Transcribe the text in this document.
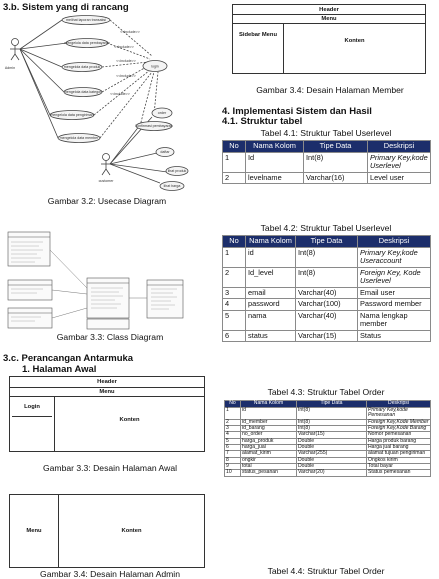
3.b. Sistem yang di rancang
Admin
customer
melihat laporan transaksi
mengelola data pembayaran
mengelola data produk
mengelola data kategori
mengelola data pengiriman
mengelola data member
login
konfirmasi pembayaran
order
daftar
lihat produk
lihat harga
<<include>>
<<include>>
<<include>>
<<include>>
<<include>>
Gambar 3.2: Usecase Diagram
Gambar 3.3: Class Diagram
3.c. Perancangan Antarmuka
1. Halaman Awal
Header
Menu
Login
Konten
Gambar 3.3: Desain Halaman Awal
Menu	Konten
Gambar 3.4: Desain Halaman Admin
Header
Menu
Sidebar Menu
Konten
Gambar 3.4: Desain Halaman Member
4. Implementasi Sistem dan Hasil
4.1. Struktur tabel
Tabel 4.1: Struktur Tabel Userlevel
No	Nama Kolom	Tipe Data	Deskripsi
1	Id	Int(8)	Primary Key,kode Userlevel
2	levelname	Varchar(16)	Level user
Tabel 4.2: Struktur Tabel Userlevel
No	Nama Kolom	Tipe Data	Deskripsi
1	id	Int(8)	Primary Key,kode Useraccount
2	Id_level	Int(8)	Foreign Key, Kode Userlevel
3	email	Varchar(40)	Email user
4	password	Varchar(100)	Password member
5	nama	Varchar(40)	Nama lengkap member
6	status	Varchar(15)	Status
Tabel 4.3: Struktur Tabel Order
No	Nama Kolom	Tipe Data	Deskripsi
1	id	Int(8)	Primary Key,kode Pemesanan
2	id_member	Int(8)	Foreign Key,Kode Member
3	id_barang	Int(8)	Foreign Key,Kode Barang
4	no_order	Varchar(15)	Nomor pemesanan
5	harga_produk	Double	Harga produk barang
6	harga_jual	Double	Harga jual barang
7	alamat_kirim	Varchar(255)	alamat tujuan pengiriman
8	ongkir	Double	Ongkos kirim
9	total	Double	Total bayar
10	status_pesanan	Varchar(20)	Status pemesanan
Tabel 4.4: Struktur Tabel Order
